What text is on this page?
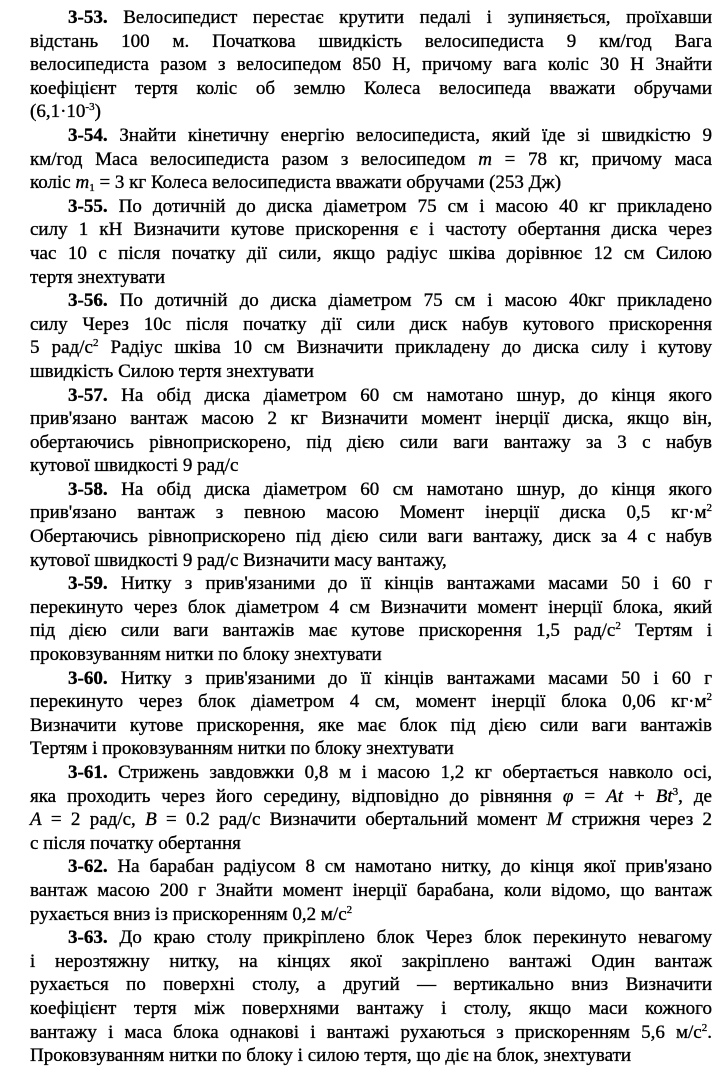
3-53. Велосипедист перестає крутити педалі і зупиняється, проїхавши
відстань 100 м. Початкова швидкість велосипедиста 9 км/год Вага
велосипедиста разом з велосипедом 850 Н, причому вага коліс 30 Н Знайти
коефіцієнт тертя коліс об землю Колеса велосипеда вважати обручами
$(6,1\cdot 10^{-3})$
3-54. Знайти кінетичну енергію велосипедиста, який їде зі швидкістю 9
км/год Маса велосипедиста разом з велосипедом m = 78 кг, причому маса
коліс $m_1 = 3$ кг Колеса велосипедиста вважати обручами (253 Дж)
3-55. По дотичній до диска діаметром 75 см і масою 40 кг прикладено
силу 1 кН Визначити кутове прискорення є і частоту обертання диска через
час 10 с після початку дії сили, якщо радіус шківа дорівнює 12 см Силою
тертя знехтувати
3-56. По дотичній до диска діаметром 75 см і масою 40кг прикладено
силу Через 10с після початку дії сили диск набув кутового прискорення
5 рад/$с^2$ Радіус шківа 10 см Визначити прикладену до диска силу і кутову
швидкість Силою тертя знехтувати
3-57. На обід диска діаметром 60 см намотано шнур, до кінця якого
прив'язано вантаж масою 2 кг Визначити момент інерції диска, якщо він,
обертаючись рівноприскорено, під дією сили ваги вантажу за 3 с набув
кутової швидкості 9 рад/с
3-58. На обід диска діаметром 60 см намотано шнур, до кінця якого
прив'язано вантаж з певною масою Момент інерції диска 0,5 $кг\cdot м^2$
Обертаючись рівноприскорено під дією сили ваги вантажу, диск за 4 с набув
кутової швидкості 9 рад/с Визначити масу вантажу,
3-59. Нитку з прив'язаними до її кінців вантажами масами 50 і 60 г
перекинуто через блок діаметром 4 см Визначити момент інерції блока, який
під дією сили ваги вантажів має кутове прискорення 1,5 рад/$с^2$ Тертям і
проковзуванням нитки по блоку знехтувати
3-60. Нитку з прив'язаними до її кінців вантажами масами 50 і 60 г
перекинуто через блок діаметром 4 см, момент інерції блока 0,06 $кг\cdot м^2$
Визначити кутове прискорення, яке має блок під дією сили ваги вантажів
Тертям і проковзуванням нитки по блоку знехтувати
3-61. Стрижень завдовжки 0,8 м і масою 1,2 кг обертається навколо осі,
яка проходить через його середину, відповідно до рівняння $\varphi = At + Bt^3$, де
A = 2 рад/с, B = 0.2 рад/с Визначити обертальний момент M стрижня через 2
с після початку обертання
3-62. На барабан радіусом 8 см намотано нитку, до кінця якої прив'язано
вантаж масою 200 г Знайти момент інерції барабана, коли відомо, що вантаж
рухається вниз із прискоренням 0,2 $м/с^2$
3-63. До краю столу прикріплено блок Через блок перекинуто невагому
і нерозтяжну нитку, на кінцях якої закріплено вантажі Один вантаж
рухається по поверхні столу, а другий — вертикально вниз Визначити
коефіцієнт тертя між поверхнями вантажу і столу, якщо маси кожного
вантажу і маса блока однакові і вантажі рухаються з прискоренням 5,6 $м/с^2$.
Проковзуванням нитки по блоку і силою тертя, що діє на блок, знехтувати
